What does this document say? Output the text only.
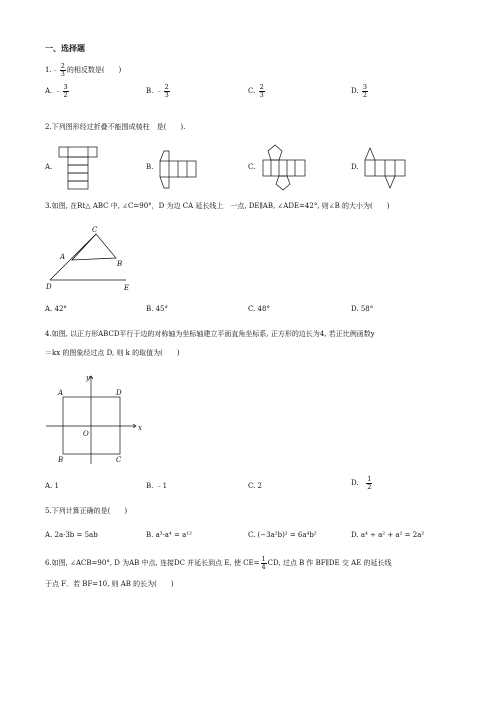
一、选择题
1. ﹣ $\frac{2}{3}$ 的相反数是(　　)
A.
﹣ $\frac{3}{2}$	B.
﹣ $\frac{2}{3}$	C.
$\frac{2}{3}$	D.
$\frac{3}{2}$
2.下列图形经过折叠不能围成棱柱　是(　　).
A.	B.	C.	D.
3.如图, 在Rt△ ABC 中, ∠C=90°，D 为边 CA 延长线上　一点, DE∥AB, ∠ADE=42°, 则∠B 的大小为(　　)
C
A
B
D	E
A. 42°	B. 45°	C. 48°	D. 58°
4.如图, 以正方形ABCD平行于边的对称轴为坐标轴建立平面直角坐标系, 正方形的边长为4, 若正比例函数y
＝kx 的图象经过点 D, 则 k 的取值为(　　)
y
x
O
A	D
B	C
A. 1	B. ﹣1	C. 2	D.
$\frac{1}{2}$
5.下列计算正确的是(　　)
A. 2a·3b = 5ab	B. a³·a⁴ = a¹²	C. (−3a²b)² = 6a⁴b²	D. a⁴ ÷ a² + a² = 2a²
6.如图, ∠ACB=90°, D 为AB 中点, 连接DC 并延长到点 E, 使 $CE= \frac{1}{4}$ CD, 过点 B 作 BF∥DE 交 AE 的延长线
于点 F．若 BF=10, 则 AB 的长为(　　)
